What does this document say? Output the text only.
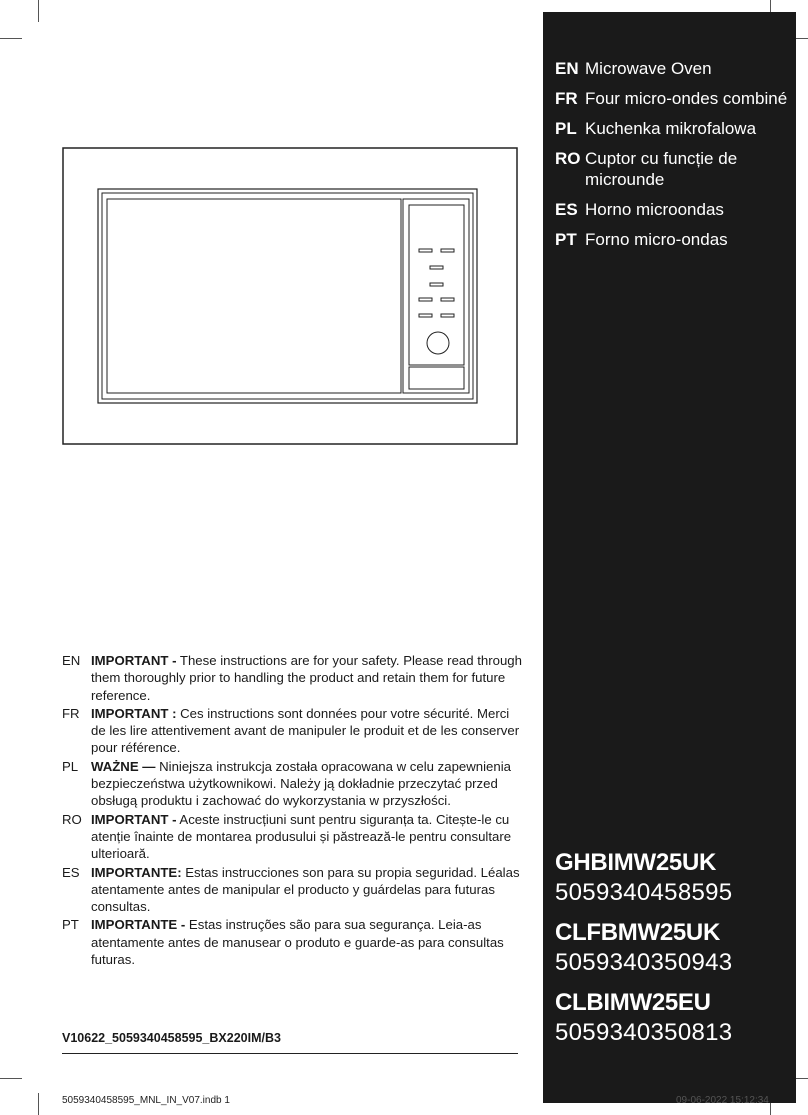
EN IMPORTANT - These instructions are for your safety. Please read through them thoroughly prior to handling the product and retain them for future reference.
FR IMPORTANT : Ces instructions sont données pour votre sécurité. Merci de les lire attentivement avant de manipuler le produit et de les conserver pour référence.
PL WAŻNE — Niniejsza instrukcja została opracowana w celu zapewnienia bezpieczeństwa użytkownikowi. Należy ją dokładnie przeczytać przed obsługą produktu i zachować do wykorzystania w przyszłości.
RO IMPORTANT - Aceste instrucțiuni sunt pentru siguranța ta. Citește-le cu atenție înainte de montarea produsului și păstrează-le pentru consultare ulterioară.
ES IMPORTANTE: Estas instrucciones son para su propia seguridad. Léalas atentamente antes de manipular el producto y guárdelas para futuras consultas.
PT IMPORTANTE - Estas instruções são para sua segurança. Leia-as atentamente antes de manusear o produto e guarde-as para consultas futuras.
V10622_5059340458595_BX220IM/B3
EN Microwave Oven
FR Four micro-ondes combiné
PL Kuchenka mikrofalowa
RO Cuptor cu funcție de microunde
ES Horno microondas
PT Forno micro-ondas
GHBIMW25UK
5059340458595
CLFBMW25UK
5059340350943
CLBIMW25EU
5059340350813
5059340458595_MNL_IN_V07.indb 1	09-06-2022 15:12:34
